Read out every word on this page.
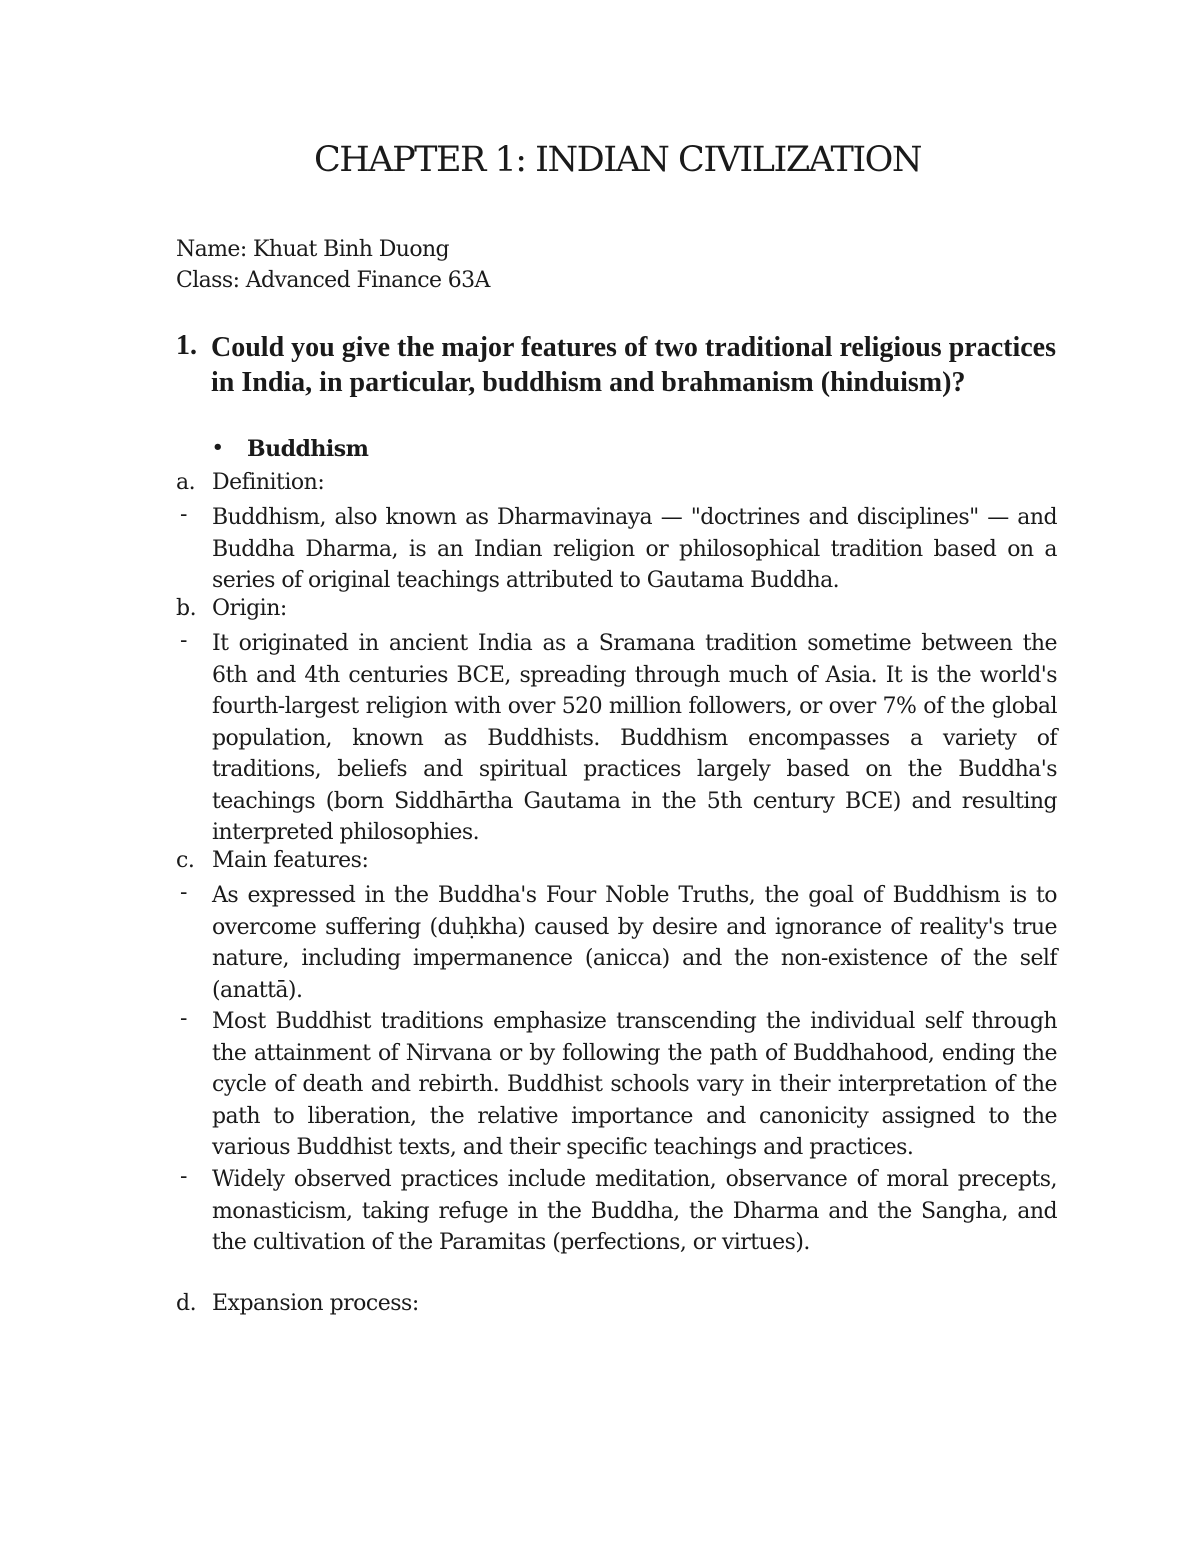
CHAPTER 1: INDIAN CIVILIZATION
Name: Khuat Binh Duong
Class: Advanced Finance 63A
1. Could you give the major features of two traditional religious practices in India, in particular, buddhism and brahmanism (hinduism)?
• Buddhism
a. Definition:
- Buddhism, also known as Dharmavinaya — "doctrines and disciplines" — and Buddha Dharma, is an Indian religion or philosophical tradition based on a series of original teachings attributed to Gautama Buddha.
b. Origin:
- It originated in ancient India as a Sramana tradition sometime between the 6th and 4th centuries BCE, spreading through much of Asia. It is the world's fourth-largest religion with over 520 million followers, or over 7% of the global population, known as Buddhists. Buddhism encompasses a variety of traditions, beliefs and spiritual practices largely based on the Buddha's teachings (born Siddhārtha Gautama in the 5th century BCE) and resulting interpreted philosophies.
c. Main features:
- As expressed in the Buddha's Four Noble Truths, the goal of Buddhism is to overcome suffering (duḥkha) caused by desire and ignorance of reality's true nature, including impermanence (anicca) and the non-existence of the self (anattā).
- Most Buddhist traditions emphasize transcending the individual self through the attainment of Nirvana or by following the path of Buddhahood, ending the cycle of death and rebirth. Buddhist schools vary in their interpretation of the path to liberation, the relative importance and canonicity assigned to the various Buddhist texts, and their specific teachings and practices.
- Widely observed practices include meditation, observance of moral precepts, monasticism, taking refuge in the Buddha, the Dharma and the Sangha, and the cultivation of the Paramitas (perfections, or virtues).
d. Expansion process:
